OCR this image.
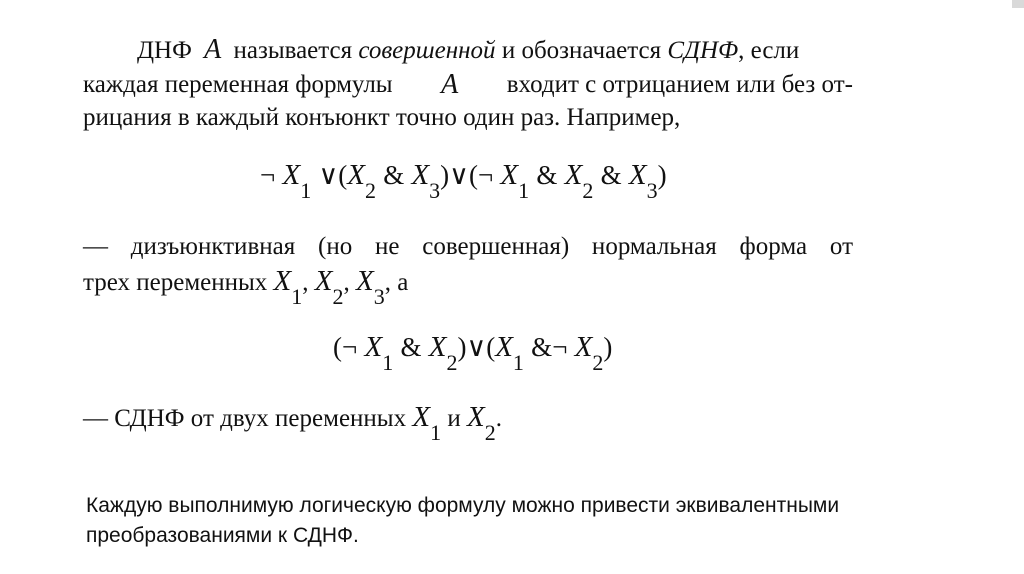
ДНФ A называется совершенной и обозначается СДНФ, если
каждая переменная формулы A входит с отрицанием или без от-
рицания в каждый конъюнкт точно один раз. Например,
¬ $X_1$ $\vee(X_2$ & $X_3)\vee(\neg$ $X_1$ & $X_2$ & $X_3$)
— дизъюнктивная (но не совершенная) нормальная форма от
трех переменных X1, X2, X3, а
(¬ $X_1$ & $X_2)\vee(X_1$ &¬ $X_2$)
— СДНФ от двух переменных X1 и X2.
Каждую выполнимую логическую формулу можно привести эквивалентными
преобразованиями к СДНФ.
